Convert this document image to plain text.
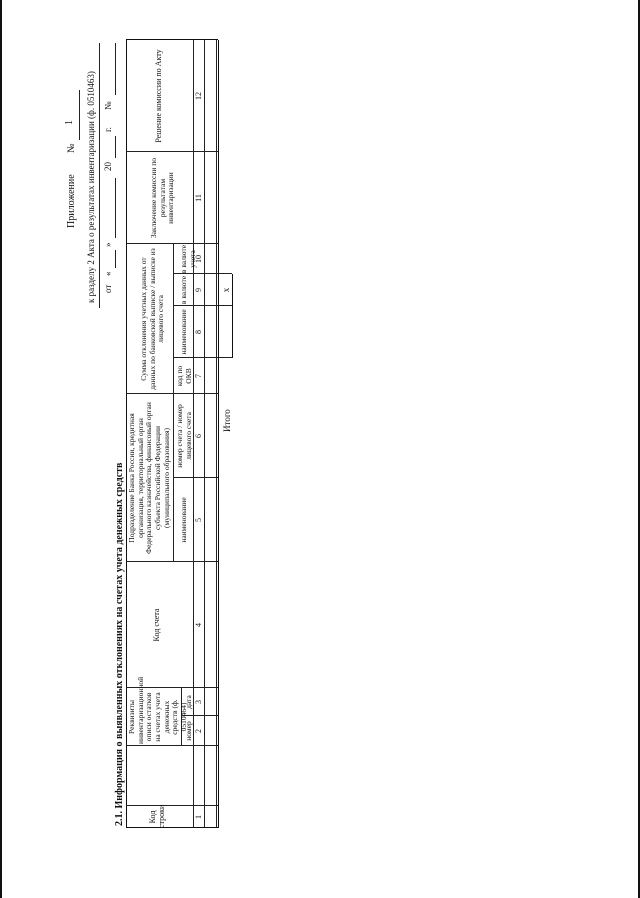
Приложение
№
1 к разделу 2 Акта о результатах инвентаризации (ф. 0510463) от
«
»
20
г.
№
2.1. Информация о выявленных отклонениях на счетах учета денежных средств	Код строки
Реквизиты инвентаризационной описи остатков на счетах учета денежных средств (ф. 0510464)
номер
дата
Код счета
Подразделение Банка России, кредитная организация, территориальный орган Федерального казначейства, финансовый орган субъекта Российской Федерации (муниципального образования) наименование
номер счета / номер лицевого счета
Сумма отклонения учетных данных от данных по банковской выписке / выписке из лицевого счета
код по ОКВ
наименование
в валюте
в валюте учета
Заключение комиссии по результатам инвентаризации
Решение комиссии по Акту
1
2
3
4
5
6
7
8
9
10
11
12
Итого
x
